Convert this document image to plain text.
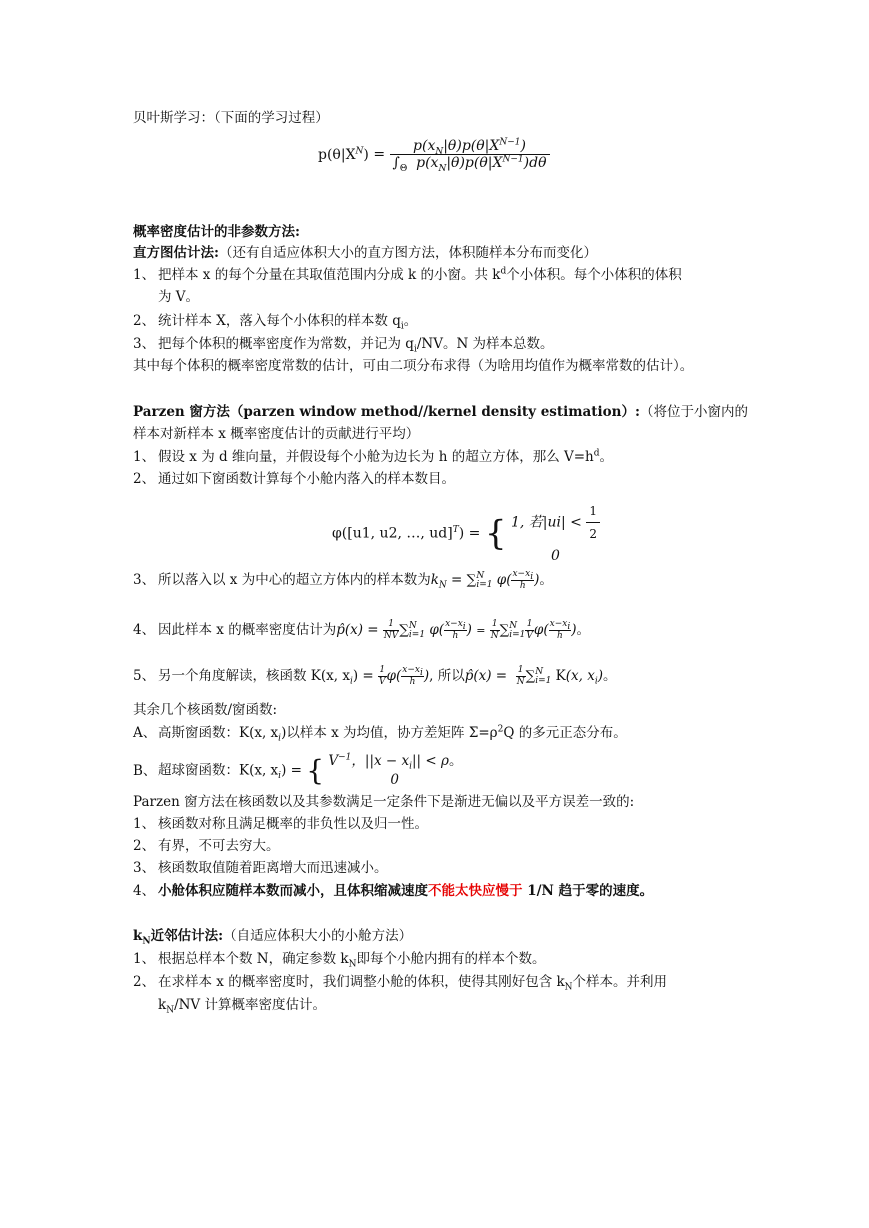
贝叶斯学习：（下面的学习过程）
$p(\theta|X^N) = \frac{p(x_N|\theta)p(\theta|X^{N-1})}{\int_\Theta p(x_N|\theta)p(\theta|X^{N-1})d\theta}$
概率密度估计的非参数方法:
直方图估计法:（还有自适应体积大小的直方图方法，体积随样本分布而变化）
1、 把样本 x 的每个分量在其取值范围内分成 k 的小窗。共 $k^d$个小体积。每个小体积的体积
为 V。
2、 统计样本 X，落入每个小体积的样本数 $q_i$。
3、 把每个体积的概率密度作为常数，并记为 $q_i/NV$。N 为样本总数。
其中每个体积的概率密度常数的估计，可由二项分布求得（为啥用均值作为概率常数的估计）。
Parzen 窗方法（parzen window method//kernel density estimation）:（将位于小窗内的
样本对新样本 x 概率密度估计的贡献进行平均）
1、 假设 x 为 d 维向量，并假设每个小舱为边长为 h 的超立方体，那么 $V=h^d$。
2、 通过如下窗函数计算每个小舱内落入的样本数目。
φ([u1, u2, …, ud]$^T$) = { 1, 若$|ui| < \frac{1}{2}$
0
3、 所以落入以 x 为中心的超立方体内的样本数为$k_N$ = ∑ N
i=1 $\varphi( \frac{x-x_i}{h}$ )。
4、 因此样本 x 的概率密度估计为p̂(x) = $\frac{1}{NV}$ ∑ N
i=1 $\varphi( \frac{x-x_i}{h}$ ) = $\frac{1}{N}$ ∑ N
$i=1 \frac{1}{V} \varphi( \frac{x-x_i}{h}$ )。
5、 另一个角度解读，核函数 K(x, $x_i) = \frac{1}{V} \varphi( \frac{x-x_i}{h}$ ), 所以p̂(x) = $\frac{1}{N}$ ∑ N
i=1 K(x, $x_i$)。
其余几个核函数/窗函数:
A、 高斯窗函数：K(x, $x_i$)以样本 x 为均值，协方差矩阵 $\Sigma=\rho^2Q$ 的多元正态分布。
B、 超球窗函数：K(x, $x_i$) = { $V^{-1}$，$||x - x_i|| < \rho$。
0
Parzen 窗方法在核函数以及其参数满足一定条件下是渐进无偏以及平方误差一致的:
1、 核函数对称且满足概率的非负性以及归一性。
2、 有界，不可去穷大。
3、 核函数取值随着距离增大而迅速减小。
4、 小舱体积应随样本数而减小，且体积缩减速度不能太快应慢于 1/N 趋于零的速度。
$k_N$近邻估计法:（自适应体积大小的小舱方法）
1、 根据总样本个数 N，确定参数 $k_N$即每个小舱内拥有的样本个数。
2、 在求样本 x 的概率密度时，我们调整小舱的体积，使得其刚好包含 $k_N$个样本。并利用
$k_N/NV$ 计算概率密度估计。
